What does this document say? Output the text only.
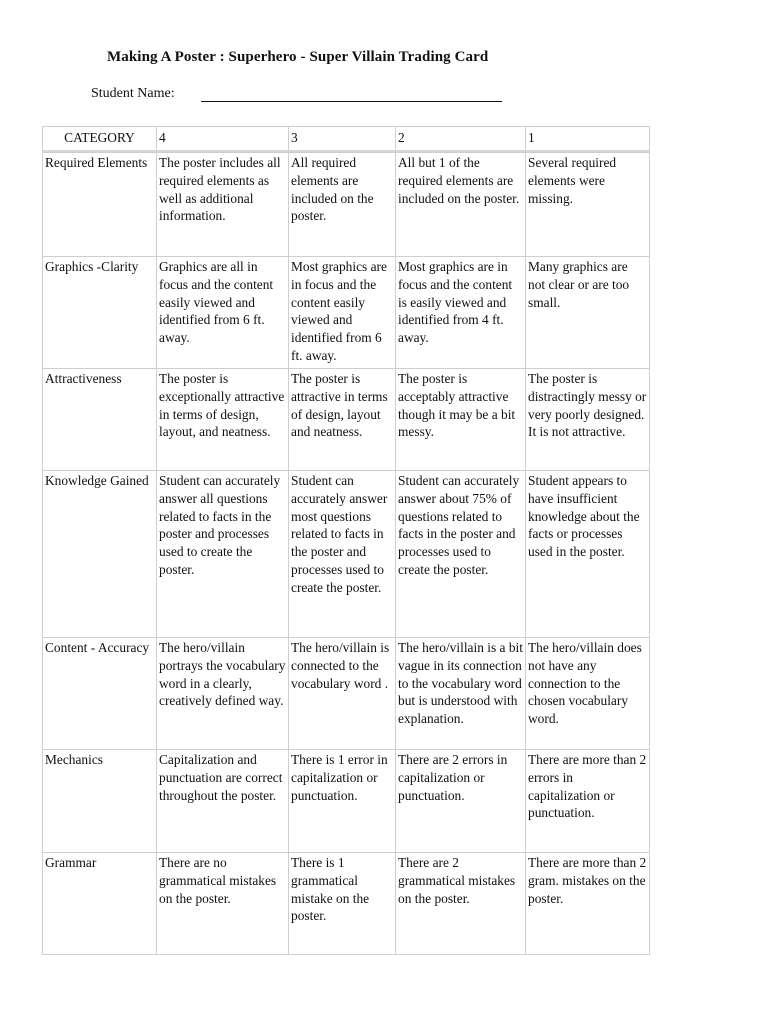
Making A Poster : Superhero - Super Villain Trading Card
Student Name:
CATEGORY	4	3	2	1
Required Elements	The poster includes all required elements as well as additional information.	All required elements are included on the poster.	All but 1 of the required elements are included on the poster.	Several required elements were missing.
Graphics -Clarity	Graphics are all in focus and the content easily viewed and identified from 6 ft. away.	Most graphics are in focus and the content easily viewed and identified from 6 ft. away.	Most graphics are in focus and the content is easily viewed and identified from 4 ft. away.	Many graphics are not clear or are too small.
Attractiveness	The poster is exceptionally attractive in terms of design, layout, and neatness.	The poster is attractive in terms of design, layout and neatness.	The poster is acceptably attractive though it may be a bit messy.	The poster is distractingly messy or very poorly designed. It is not attractive.
Knowledge Gained	Student can accurately answer all questions related to facts in the poster and processes used to create the poster.	Student can accurately answer most questions related to facts in the poster and processes used to create the poster.	Student can accurately answer about 75% of questions related to facts in the poster and processes used to create the poster.	Student appears to have insufficient knowledge about the facts or processes used in the poster.
Content - Accuracy	The hero/villain portrays the vocabulary word in a clearly, creatively defined way.	The hero/villain is connected to the vocabulary word .	The hero/villain is a bit vague in its connection to the vocabulary word but is understood with explanation.	The hero/villain does not have any connection to the chosen vocabulary word.
Mechanics	Capitalization and punctuation are correct throughout the poster.	There is 1 error in capitalization or punctuation.	There are 2 errors in capitalization or punctuation.	There are more than 2 errors in capitalization or punctuation.
Grammar	There are no grammatical mistakes on the poster.	There is 1 grammatical mistake on the poster.	There are 2 grammatical mistakes on the poster.	There are more than 2 gram. mistakes on the poster.
